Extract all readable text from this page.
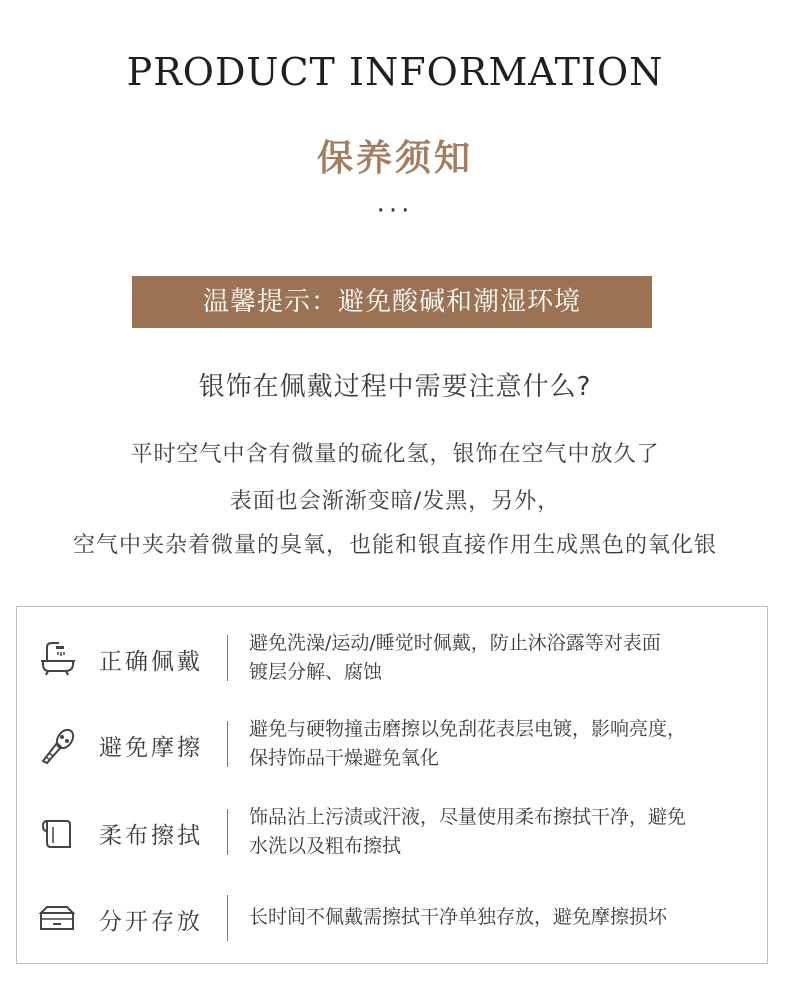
PRODUCT INFORMATION
保养须知
···
温馨提示：避免酸碱和潮湿环境
银饰在佩戴过程中需要注意什么?
平时空气中含有微量的硫化氢，银饰在空气中放久了
表面也会渐渐变暗/发黑，另外，
空气中夹杂着微量的臭氧，也能和银直接作用生成黑色的氧化银
正确佩戴
避免洗澡/运动/睡觉时佩戴，防止沐浴露等对表面
镀层分解、腐蚀
避免摩擦
避免与硬物撞击磨擦以免刮花表层电镀，影响亮度，
保持饰品干燥避免氧化
柔布擦拭
饰品沾上污渍或汗液，尽量使用柔布擦拭干净，避免
水洗以及粗布擦拭
分开存放 长时间不佩戴需擦拭干净单独存放，避免摩擦损坏
